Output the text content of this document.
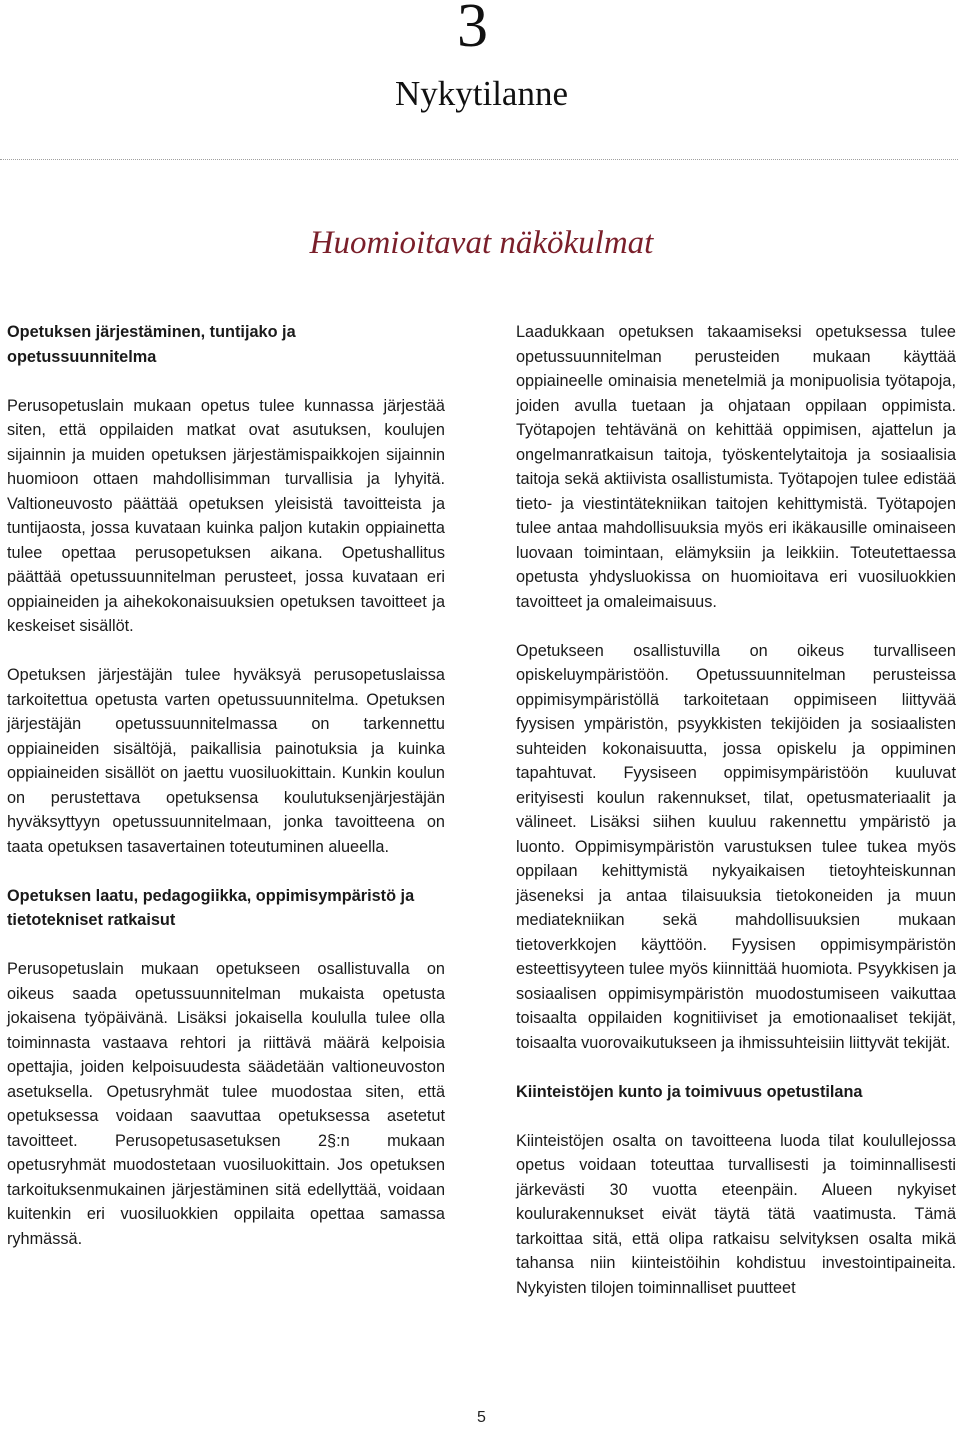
3
Nykytilanne
Huomioitavat näkökulmat
Opetuksen järjestäminen, tuntijako ja opetussuunnitelma

Perusopetuslain mukaan opetus tulee kunnassa järjestää siten, että oppilaiden matkat ovat asutuksen, koulujen sijainnin ja muiden opetuksen järjestämispaikkojen sijainnin huomioon ottaen mahdollisimman turvallisia ja lyhyitä. Valtioneuvosto päättää opetuksen yleisistä tavoitteista ja tuntijaosta, jossa kuvataan kuinka paljon kutakin oppiainetta tulee opettaa perusopetuksen aikana. Opetushallitus päättää opetussuunnitelman perusteet, jossa kuvataan eri oppiaineiden ja aihekokonaisuuksien opetuksen tavoitteet ja keskeiset sisällöt.

Opetuksen järjestäjän tulee hyväksyä perusopetuslaissa tarkoitettua opetusta varten opetussuunnitelma. Opetuksen järjestäjän opetussuunnitelmassa on tarkennettu oppiaineiden sisältöjä, paikallisia painotuksia ja kuinka oppiaineiden sisällöt on jaettu vuosiluokittain. Kunkin koulun on perustettava opetuksensa koulutuksenjärjestäjän hyväksyttyyn opetussuunnitelmaan, jonka tavoitteena on taata opetuksen tasavertainen toteutuminen alueella.

Opetuksen laatu, pedagogiikka, oppimisympäristö ja tietotekniset ratkaisut

Perusopetuslain mukaan opetukseen osallistuvalla on oikeus saada opetussuunnitelman mukaista opetusta jokaisena työpäivänä. Lisäksi jokaisella koululla tulee olla toiminnasta vastaava rehtori ja riittävä määrä kelpoisia opettajia, joiden kelpoisuudesta säädetään valtioneuvoston asetuksella. Opetusryhmät tulee muodostaa siten, että opetuksessa voidaan saavuttaa opetuksessa asetetut tavoitteet. Perusopetusasetuksen 2§:n mukaan opetusryhmät muodostetaan vuosiluokittain. Jos opetuksen tarkoituksenmukainen järjestäminen sitä edellyttää, voidaan kuitenkin eri vuosiluokkien oppilaita opettaa samassa ryhmässä.

Laadukkaan opetuksen takaamiseksi opetuksessa tulee opetussuunnitelman perusteiden mukaan käyttää oppiaineelle ominaisia menetelmiä ja monipuolisia työtapoja, joiden avulla tuetaan ja ohjataan oppilaan oppimista. Työtapojen tehtävänä on kehittää oppimisen, ajattelun ja ongelmanratkaisun taitoja, työskentelytaitoja ja sosiaalisia taitoja sekä aktiivista osallistumista. Työtapojen tulee edistää tieto- ja viestintätekniikan taitojen kehittymistä. Työtapojen tulee antaa mahdollisuuksia myös eri ikäkausille ominaiseen luovaan toimintaan, elämyksiin ja leikkiin. Toteutettaessa opetusta yhdysluokissa on huomioitava eri vuosiluokkien tavoitteet ja omaleimaisuus.

Opetukseen osallistuvilla on oikeus turvalliseen opiskeluympäristöön. Opetussuunnitelman perusteissa oppimisympäristöllä tarkoitetaan oppimiseen liittyvää fyysisen ympäristön, psyykkisten tekijöiden ja sosiaalisten suhteiden kokonaisuutta, jossa opiskelu ja oppiminen tapahtuvat. Fyysiseen oppimisympäristöön kuuluvat erityisesti koulun rakennukset, tilat, opetusmateriaalit ja välineet. Lisäksi siihen kuuluu rakennettu ympäristö ja luonto. Oppimisympäristön varustuksen tulee tukea myös oppilaan kehittymistä nykyaikaisen tietoyhteiskunnan jäseneksi ja antaa tilaisuuksia tietokoneiden ja muun mediatekniikan sekä mahdollisuuksien mukaan tietoverkkojen käyttöön. Fyysisen oppimisympäristön esteettisyyteen tulee myös kiinnittää huomiota. Psyykkisen ja sosiaalisen oppimisympäristön muodostumiseen vaikuttaa toisaalta oppilaiden kognitiiviset ja emotionaaliset tekijät, toisaalta vuorovaikutukseen ja ihmissuhteisiin liittyvät tekijät.

Kiinteistöjen kunto ja toimivuus opetustilana

Kiinteistöjen osalta on tavoitteena luoda tilat koulullejossa opetus voidaan toteuttaa turvallisesti ja toiminnallisesti järkevästi 30 vuotta eteenpäin. Alueen nykyiset koulurakennukset eivät täytä tätä vaatimusta. Tämä tarkoittaa sitä, että olipa ratkaisu selvityksen osalta mikä tahansa niin kiinteistöihin kohdistuu investointipaineita. Nykyisten tilojen toiminnalliset puutteet

5
